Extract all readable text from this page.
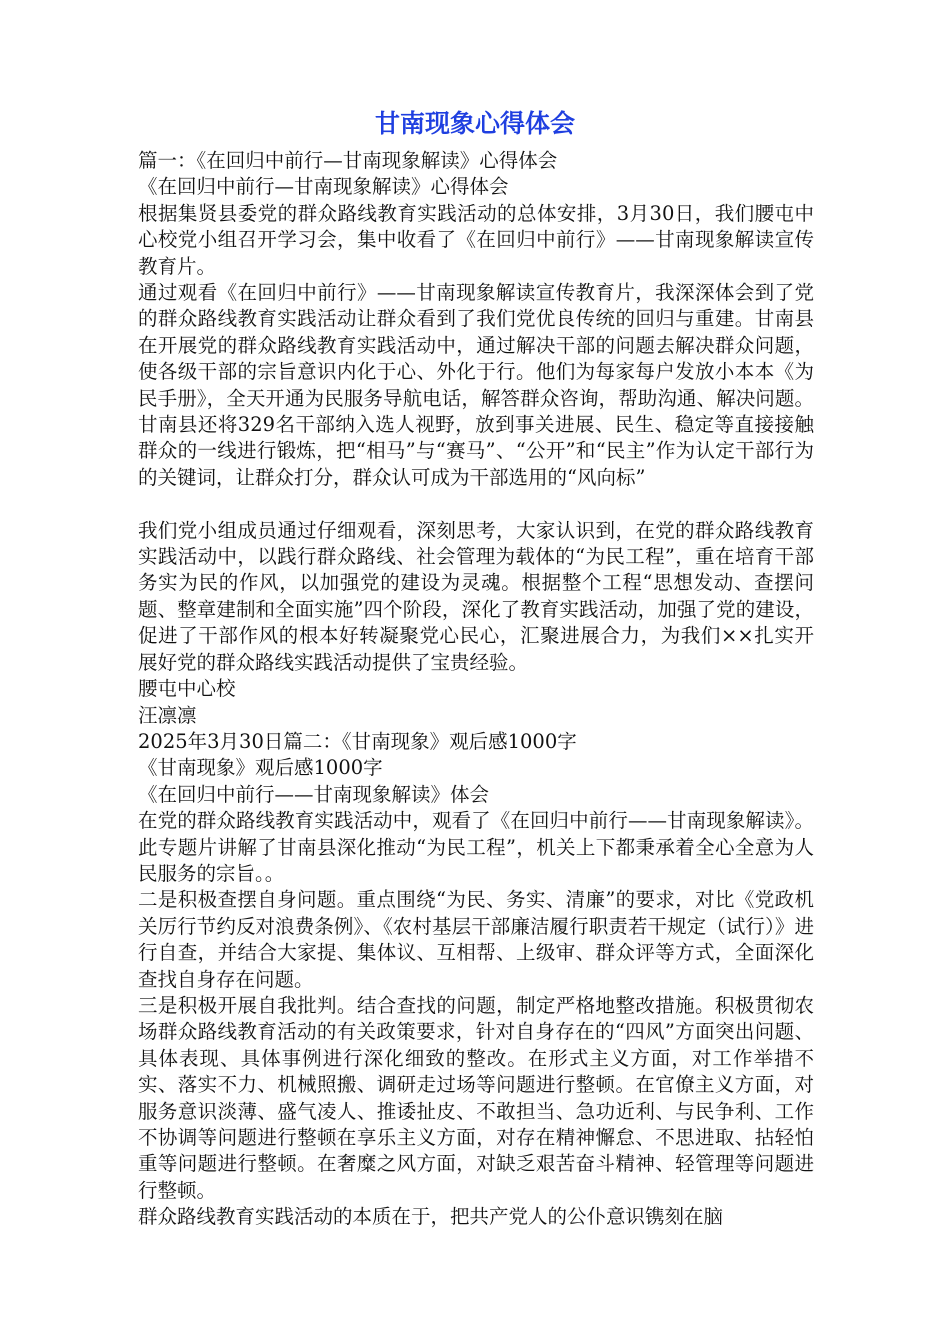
甘南现象心得体会

篇一：《在回归中前行—甘南现象解读》心得体会

《在回归中前行—甘南现象解读》心得体会

根据集贤县委党的群众路线教育实践活动的总体安排，3月30日，我们腰屯中心校党小组召开学习会，集中收看了《在回归中前行》——甘南现象解读宣传教育片。

通过观看《在回归中前行》——甘南现象解读宣传教育片，我深深体会到了党的群众路线教育实践活动让群众看到了我们党优良传统的回归与重建。甘南县在开展党的群众路线教育实践活动中，通过解决干部的问题去解决群众问题，使各级干部的宗旨意识内化于心、外化于行。他们为每家每户发放小本本《为民手册》，全天开通为民服务导航电话，解答群众咨询，帮助沟通、解决问题。甘南县还将329名干部纳入选人视野，放到事关进展、民生、稳定等直接接触群众的一线进行锻炼，把“相马”与“赛马”、“公开”和“民主”作为认定干部行为的关键词，让群众打分，群众认可成为干部选用的“风向标”

我们党小组成员通过仔细观看，深刻思考，大家认识到，在党的群众路线教育实践活动中，以践行群众路线、社会管理为载体的“为民工程”，重在培育干部务实为民的作风，以加强党的建设为灵魂。根据整个工程“思想发动、查摆问题、整章建制和全面实施”四个阶段，深化了教育实践活动，加强了党的建设，促进了干部作风的根本好转凝聚党心民心，汇聚进展合力，为我们××扎实开展好党的群众路线实践活动提供了宝贵经验。

腰屯中心校

汪凛凛

2025年3月30日篇二：《甘南现象》观后感1000字

《甘南现象》观后感1000字

《在回归中前行——甘南现象解读》体会

在党的群众路线教育实践活动中，观看了《在回归中前行——甘南现象解读》。此专题片讲解了甘南县深化推动“为民工程”，机关上下都秉承着全心全意为人民服务的宗旨。。

二是积极查摆自身问题。重点围绕“为民、务实、清廉”的要求，对比《党政机关厉行节约反对浪费条例》、《农村基层干部廉洁履行职责若干规定（试行）》进行自查，并结合大家提、集体议、互相帮、上级审、群众评等方式，全面深化查找自身存在问题。

三是积极开展自我批判。结合查找的问题，制定严格地整改措施。积极贯彻农场群众路线教育活动的有关政策要求，针对自身存在的“四风”方面突出问题、具体表现、具体事例进行深化细致的整改。在形式主义方面，对工作举措不实、落实不力、机械照搬、调研走过场等问题进行整顿。在官僚主义方面，对服务意识淡薄、盛气凌人、推诿扯皮、不敢担当、急功近利、与民争利、工作不协调等问题进行整顿在享乐主义方面，对存在精神懈怠、不思进取、拈轻怕重等问题进行整顿。在奢糜之风方面，对缺乏艰苦奋斗精神、轻管理等问题进行整顿。

群众路线教育实践活动的本质在于，把共产党人的公仆意识镌刻在脑
